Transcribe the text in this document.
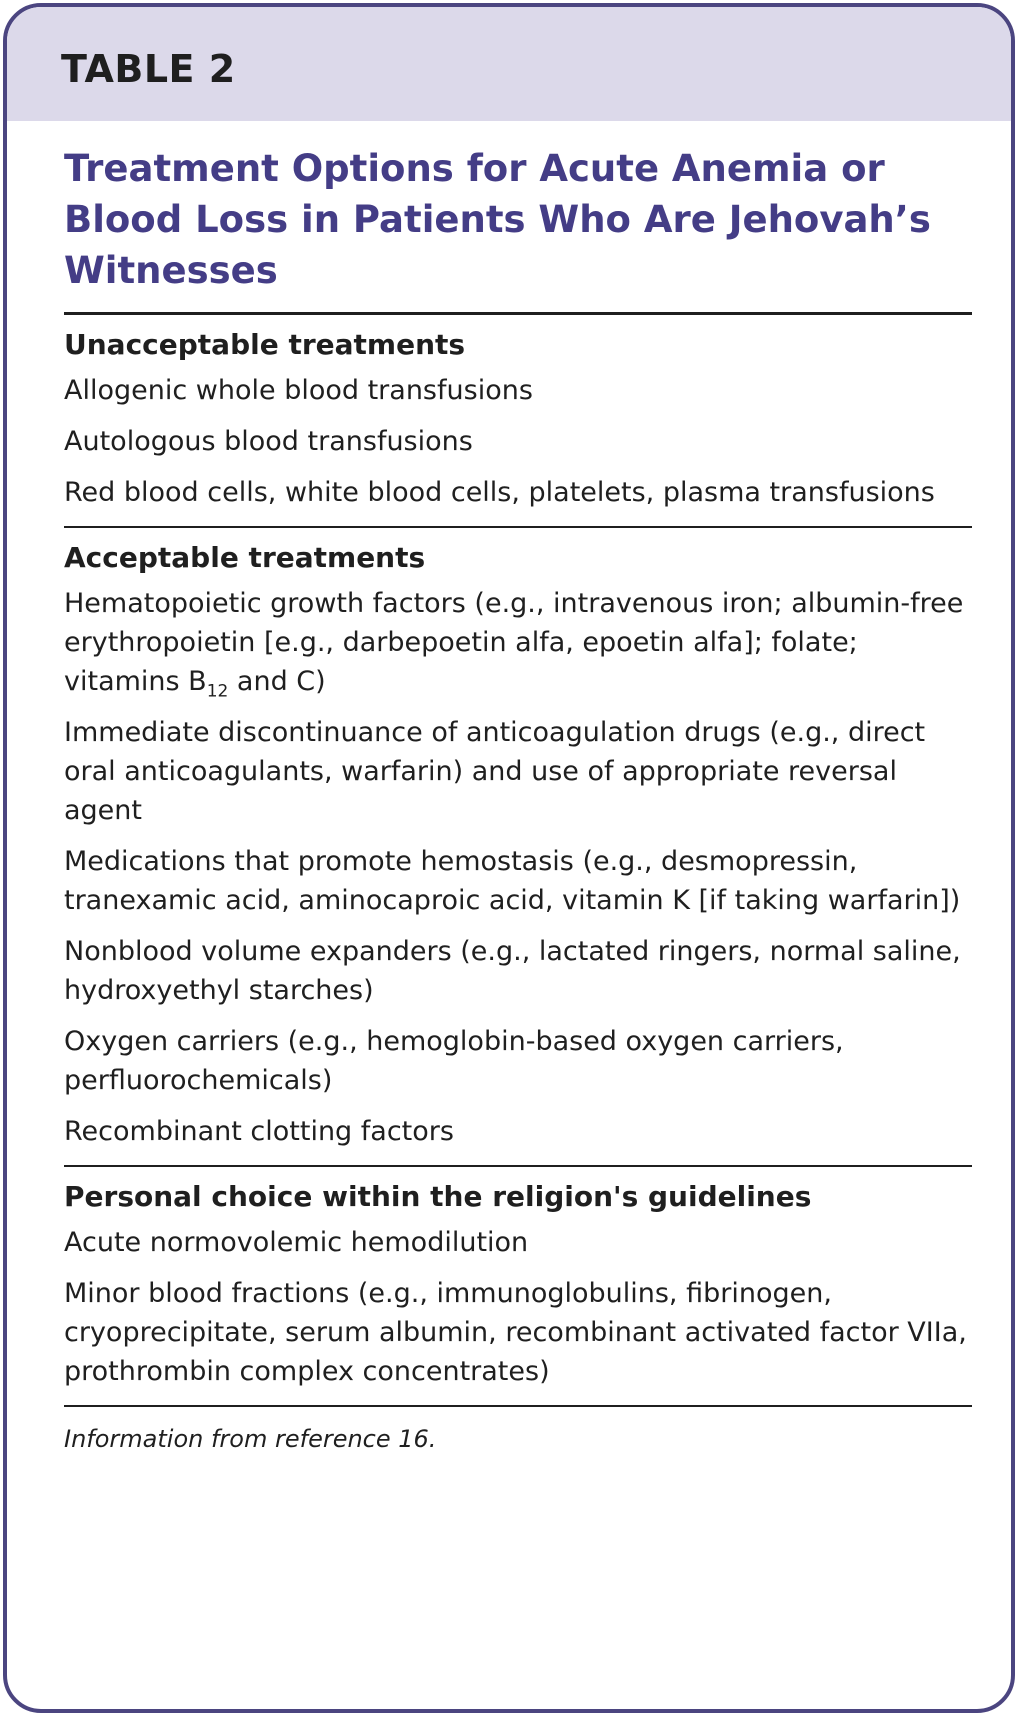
TABLE 2
Treatment Options for Acute Anemia or Blood Loss in Patients Who Are Jehovah’s Witnesses
Unacceptable treatments
Allogenic whole blood transfusions
Autologous blood transfusions
Red blood cells, white blood cells, platelets, plasma transfusions
Acceptable treatments
Hematopoietic growth factors (e.g., intravenous iron; albumin-free erythropoietin [e.g., darbepoetin alfa, epoetin alfa]; folate; vitamins $B_{12}$ and C)
Immediate discontinuance of anticoagulation drugs (e.g., direct oral anticoagulants, warfarin) and use of appropriate reversal agent
Medications that promote hemostasis (e.g., desmopressin, tranexamic acid, aminocaproic acid, vitamin K [if taking warfarin])
Nonblood volume expanders (e.g., lactated ringers, normal saline, hydroxyethyl starches)
Oxygen carriers (e.g., hemoglobin-based oxygen carriers, perfluorochemicals)
Recombinant clotting factors
Personal choice within the religion's guidelines
Acute normovolemic hemodilution
Minor blood fractions (e.g., immunoglobulins, fibrinogen, cryoprecipitate, serum albumin, recombinant activated factor VIIa, prothrombin complex concentrates)
Information from reference 16.
